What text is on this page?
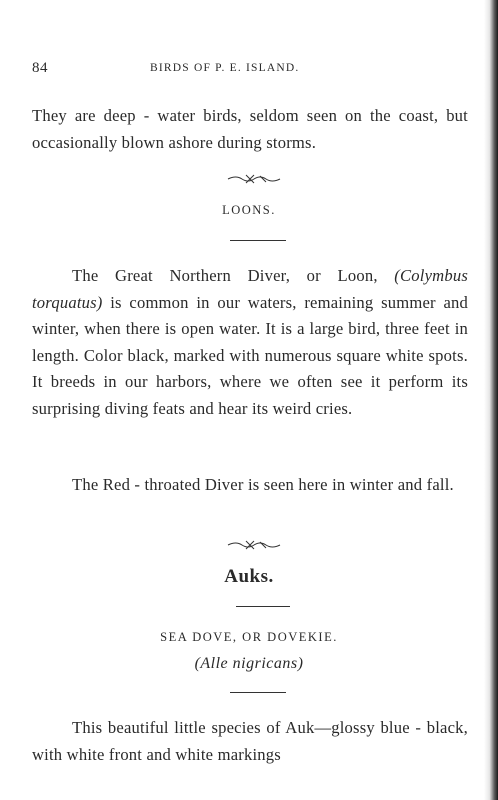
84	BIRDS OF P. E. ISLAND.
They are deep - water birds, seldom seen on the coast, but occasionally blown ashore during storms.
LOONS.
The Great Northern Diver, or Loon, (Colymbus torquatus) is common in our waters, remaining summer and winter, when there is open water. It is a large bird, three feet in length. Color black, marked with numerous square white spots. It breeds in our harbors, where we often see it perform its surprising diving feats and hear its weird cries.
The Red - throated Diver is seen here in winter and fall.
Auks.
SEA DOVE, OR DOVEKIE.
(Alle nigricans)
This beautiful little species of Auk—glossy blue - black, with white front and white markings
